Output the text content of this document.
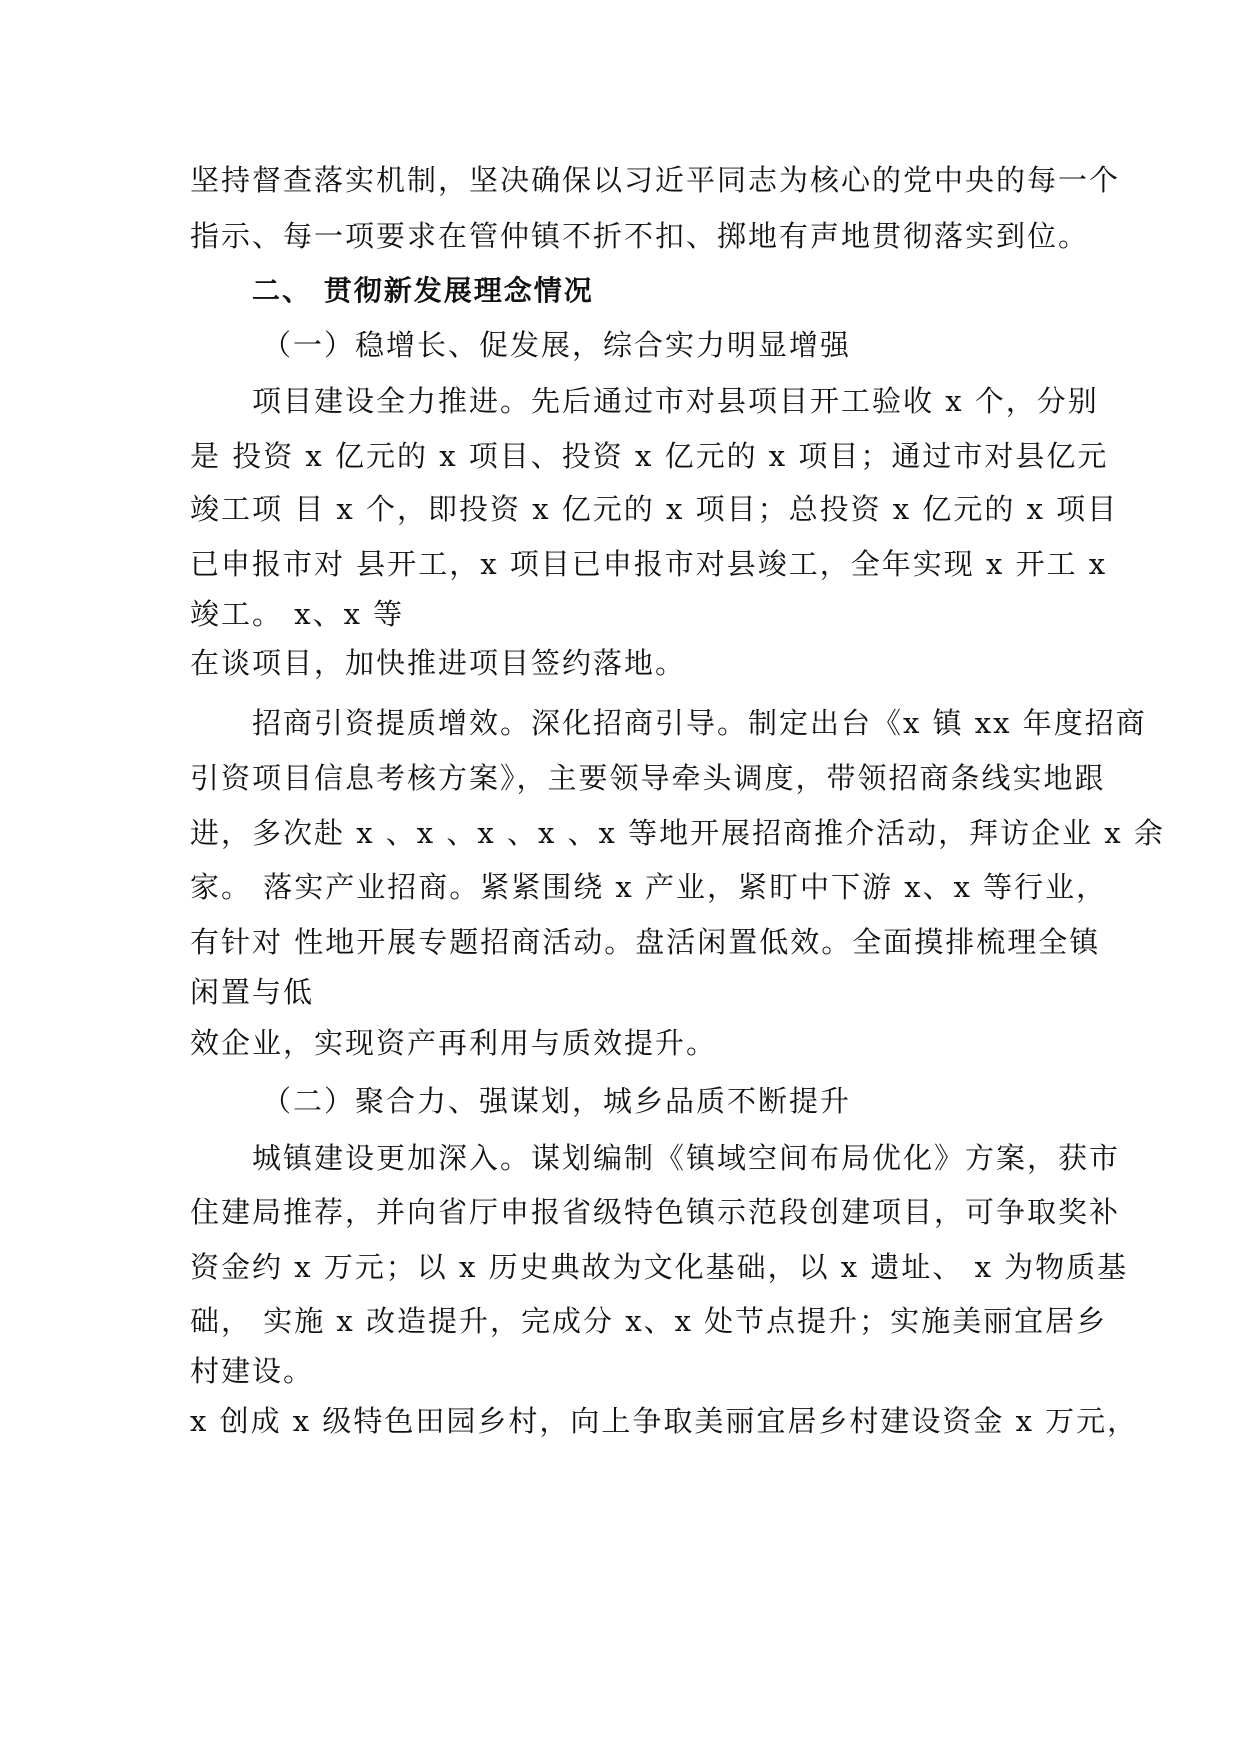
坚持督查落实机制，坚决确保以习近平同志为核心的党中央的每一个
指示、每一项要求在管仲镇不折不扣、掷地有声地贯彻落实到位。
二、 贯彻新发展理念情况
（一）稳增长、促发展，综合实力明显增强
项目建设全力推进。先后通过市对县项目开工验收 x 个，分别
是 投资 x 亿元的 x 项目、投资 x 亿元的 x 项目；通过市对县亿元
竣工项 目 x 个，即投资 x 亿元的 x 项目；总投资 x 亿元的 x 项目
已申报市对 县开工，x 项目已申报市对县竣工，全年实现 x 开工 x
竣工。 x、x 等
在谈项目，加快推进项目签约落地。
招商引资提质增效。深化招商引导。制定出台《x 镇 xx 年度招商
引资项目信息考核方案》，主要领导牵头调度，带领招商条线实地跟
进，多次赴 x 、x 、x 、x 、x 等地开展招商推介活动，拜访企业 x 余
家。 落实产业招商。紧紧围绕 x 产业，紧盯中下游 x、x 等行业，
有针对 性地开展专题招商活动。盘活闲置低效。全面摸排梳理全镇
闲置与低
效企业，实现资产再利用与质效提升。
（二）聚合力、强谋划，城乡品质不断提升
城镇建设更加深入。谋划编制《镇域空间布局优化》方案，获市
住建局推荐，并向省厅申报省级特色镇示范段创建项目，可争取奖补
资金约 x 万元；以 x 历史典故为文化基础，以 x 遗址、 x 为物质基
础， 实施 x 改造提升，完成分 x、x 处节点提升；实施美丽宜居乡
村建设。
x 创成 x 级特色田园乡村，向上争取美丽宜居乡村建设资金 x 万元，
